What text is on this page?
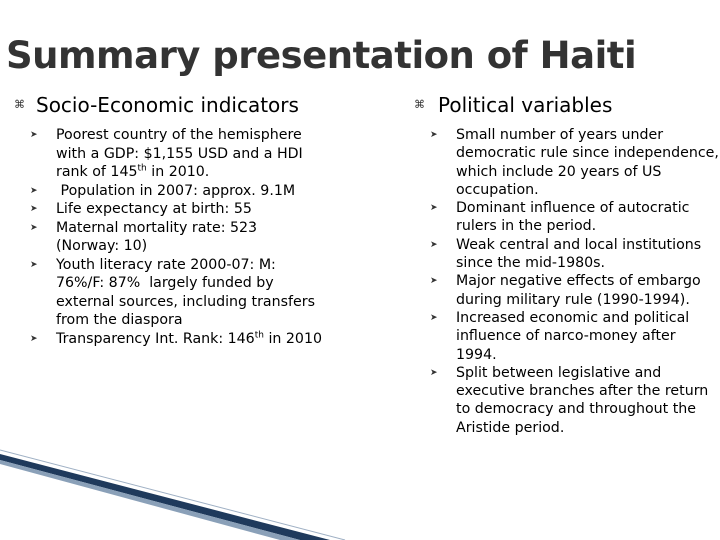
Summary presentation of Haiti
⌘ Socio-Economic indicators
➤	Poorest country of the hemisphere with a GDP: $1,155 USD and a HDI rank of 145th in 2010.
➤	Population in 2007: approx. 9.1M
➤	Life expectancy at birth: 55
➤	Maternal mortality rate: 523 (Norway: 10)
➤	Youth literacy rate 2000-07: M: 76%/F: 87%  largely funded by external sources, including transfers from the diaspora
➤	Transparency Int. Rank: 146th in 2010
⌘ Political variables
➤	Small number of years under democratic rule since independence, which include 20 years of US occupation.
➤	Dominant influence of autocratic rulers in the period.
➤	Weak central and local institutions since the mid-1980s.
➤	Major negative effects of embargo during military rule (1990-1994).
➤	Increased economic and political influence of narco-money after 1994.
➤	Split between legislative and executive branches after the return to democracy and throughout the Aristide period.
